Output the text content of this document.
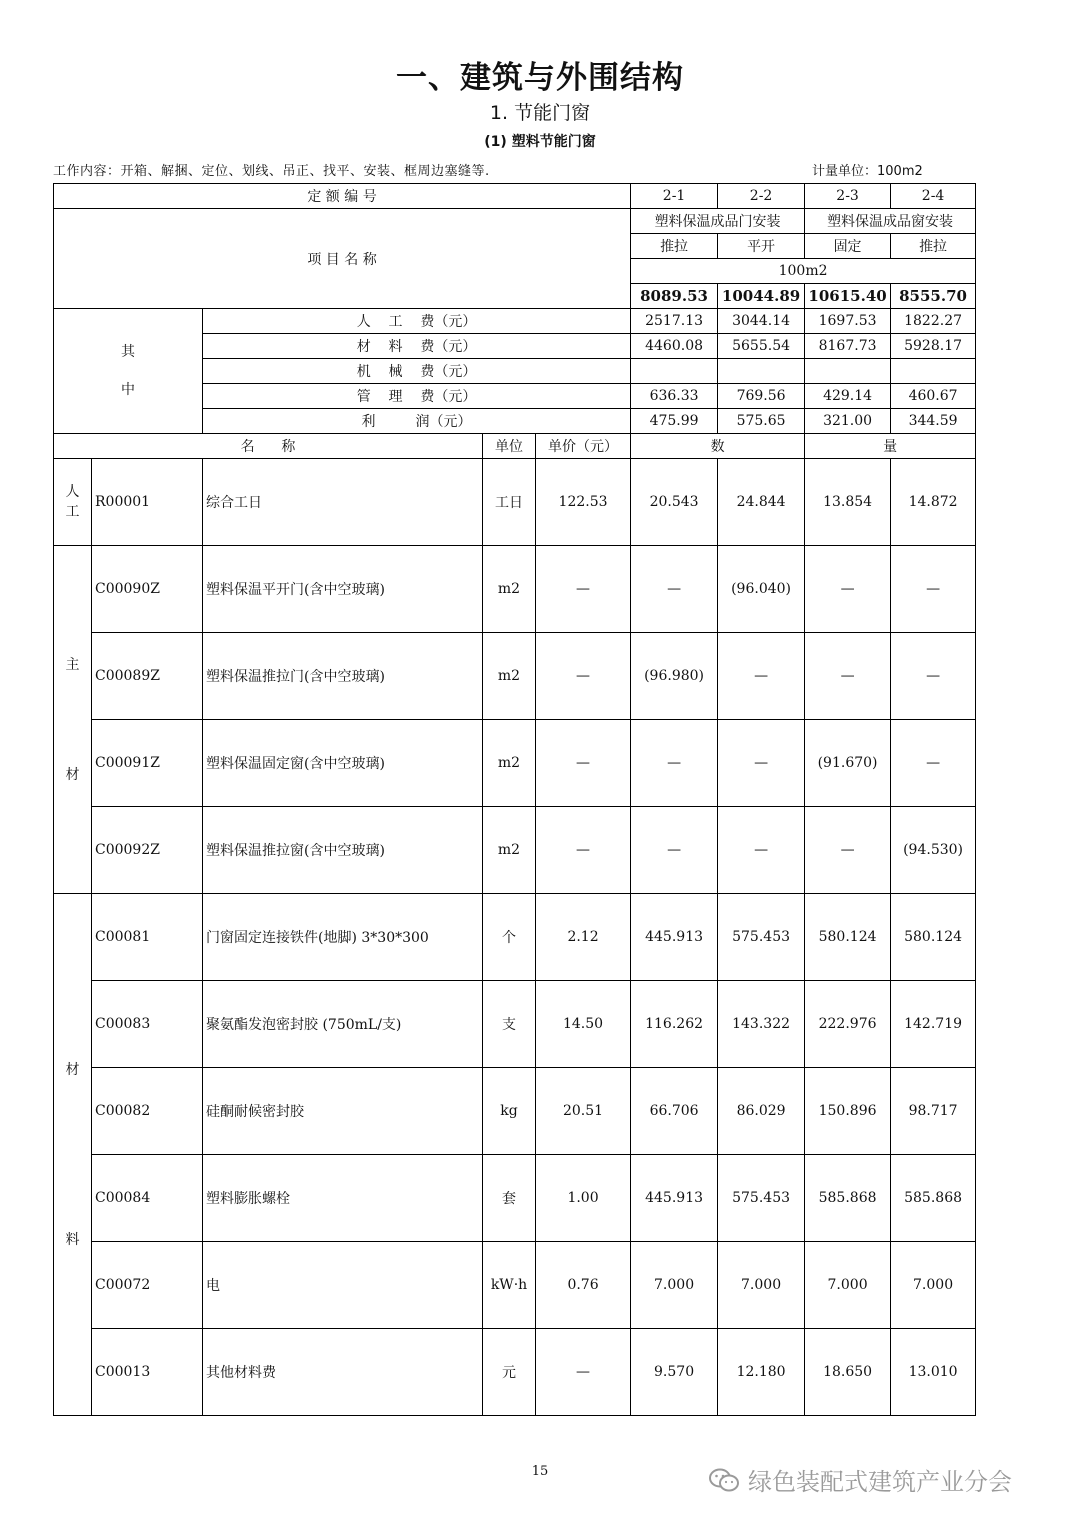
一、建筑与外围结构
1. 节能门窗
(1) 塑料节能门窗
工作内容：开箱、解捆、定位、划线、吊正、找平、安装、框周边塞缝等.	计量单位：100m2
定 额 编 号					2-1	2-2	2-3	2-4
项 目 名 称					塑料保温成品门安装		塑料保温成品窗安装	
					推拉	平开	固定	推拉
					100m2			
					8089.53	10044.89	10615.40	8555.70

其
中		人    工    费（元）			2517.13	3044.14	1697.53	1822.27
		材    料    费（元）			4460.08	5655.54	8167.73	5928.17
		机    械    费（元）						
		管    理    费（元）			636.33	769.56	429.14	460.67
		利         润（元）			475.99	575.65	321.00	344.59
名      称			单位	单价（元）	数		量	

人
工	R00001	综合工日	工日	122.53	20.543	24.844	13.854	14.872

主
材	C00090Z	塑料保温平开门(含中空玻璃)	m2	—	—	(96.040)	—	—
	C00089Z	塑料保温推拉门(含中空玻璃)	m2	—	(96.980)	—	—	—
	C00091Z	塑料保温固定窗(含中空玻璃)	m2	—	—	—	(91.670)	—
	C00092Z	塑料保温推拉窗(含中空玻璃)	m2	—	—	—	—	(94.530)

材
料	C00081	门窗固定连接铁件(地脚) 3*30*300	个	2.12	445.913	575.453	580.124	580.124
	C00083	聚氨酯发泡密封胶 (750mL/支)	支	14.50	116.262	143.322	222.976	142.719
	C00082	硅酮耐候密封胶	kg	20.51	66.706	86.029	150.896	98.717
	C00084	塑料膨胀螺栓	套	1.00	445.913	575.453	585.868	585.868
	C00072	电	kW·h	0.76	7.000	7.000	7.000	7.000
	C00013	其他材料费	元	—	9.570	12.180	18.650	13.010
15	绿色装配式建筑产业分会
